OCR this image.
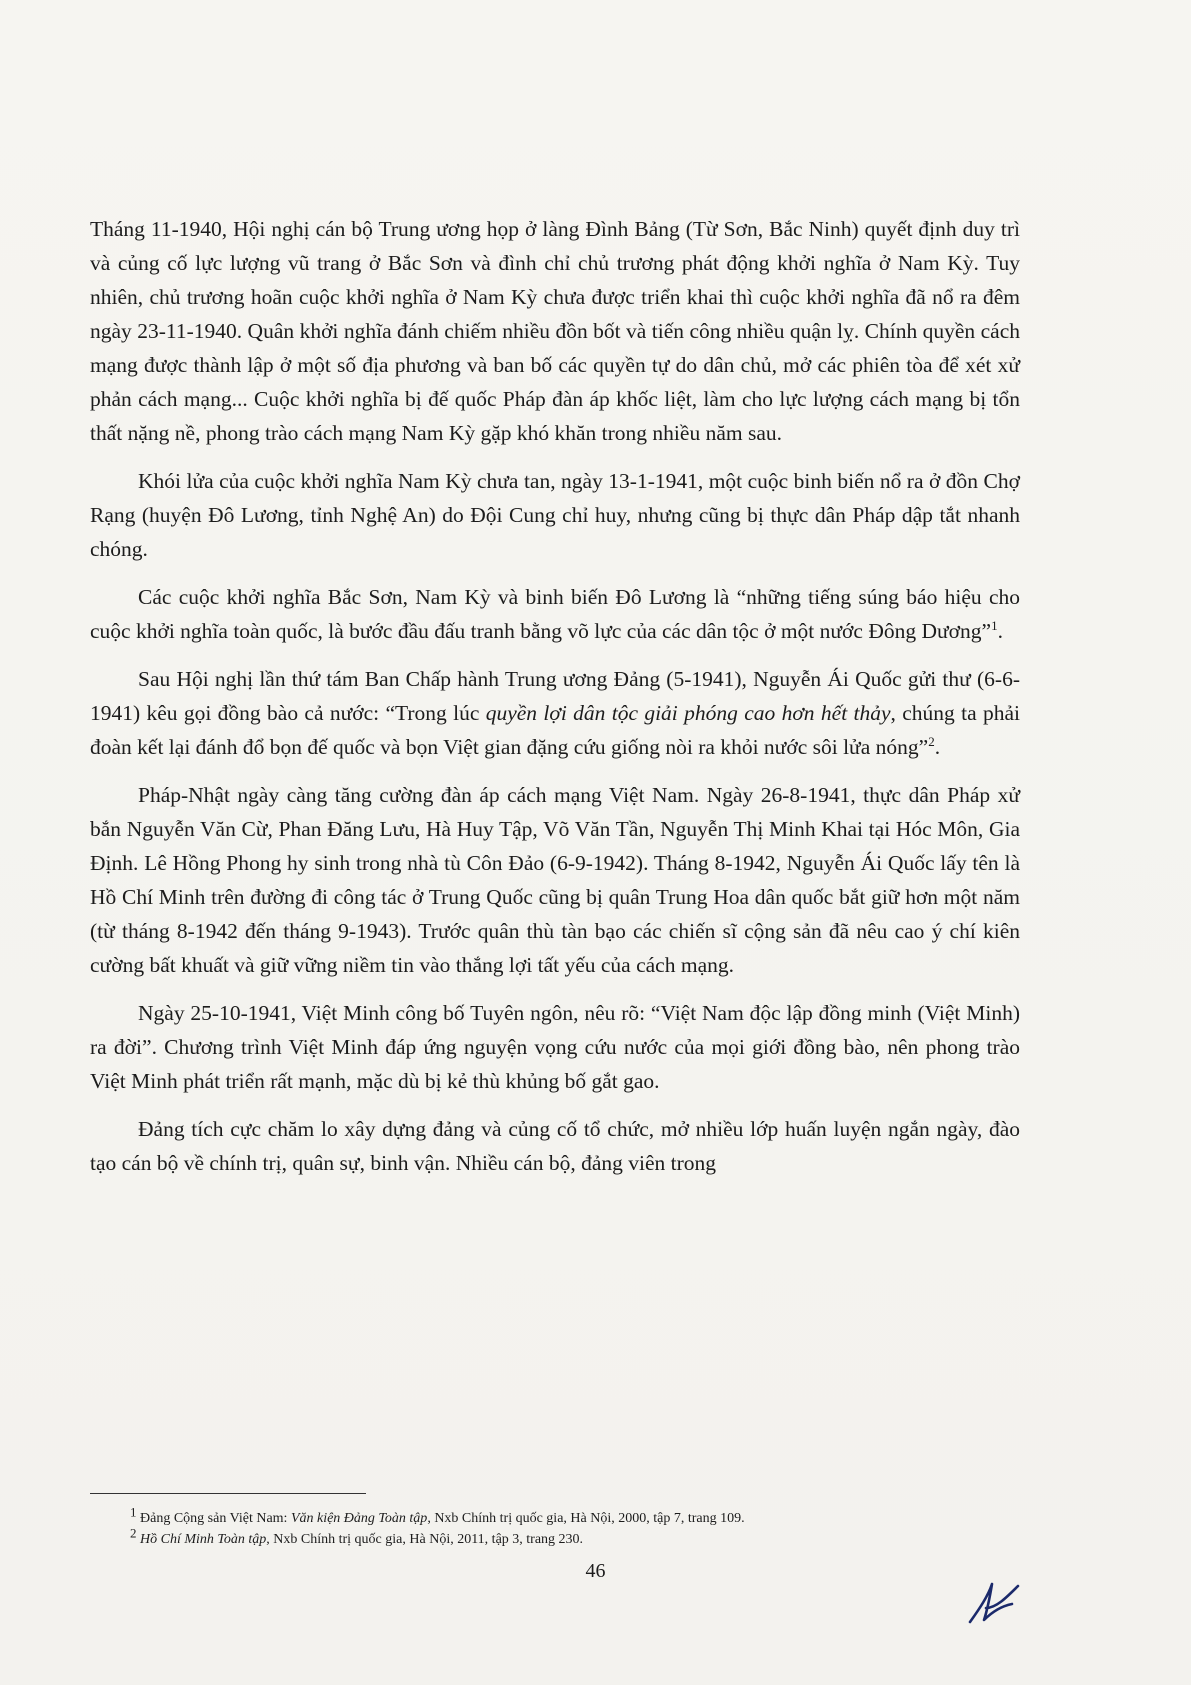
Tháng 11-1940, Hội nghị cán bộ Trung ương họp ở làng Đình Bảng (Từ Sơn, Bắc Ninh) quyết định duy trì và củng cố lực lượng vũ trang ở Bắc Sơn và đình chỉ chủ trương phát động khởi nghĩa ở Nam Kỳ. Tuy nhiên, chủ trương hoãn cuộc khởi nghĩa ở Nam Kỳ chưa được triển khai thì cuộc khởi nghĩa đã nổ ra đêm ngày 23-11-1940. Quân khởi nghĩa đánh chiếm nhiều đồn bốt và tiến công nhiều quận lỵ. Chính quyền cách mạng được thành lập ở một số địa phương và ban bố các quyền tự do dân chủ, mở các phiên tòa để xét xử phản cách mạng... Cuộc khởi nghĩa bị đế quốc Pháp đàn áp khốc liệt, làm cho lực lượng cách mạng bị tổn thất nặng nề, phong trào cách mạng Nam Kỳ gặp khó khăn trong nhiều năm sau.

Khói lửa của cuộc khởi nghĩa Nam Kỳ chưa tan, ngày 13-1-1941, một cuộc binh biến nổ ra ở đồn Chợ Rạng (huyện Đô Lương, tỉnh Nghệ An) do Đội Cung chỉ huy, nhưng cũng bị thực dân Pháp dập tắt nhanh chóng.

Các cuộc khởi nghĩa Bắc Sơn, Nam Kỳ và binh biến Đô Lương là “những tiếng súng báo hiệu cho cuộc khởi nghĩa toàn quốc, là bước đầu đấu tranh bằng võ lực của các dân tộc ở một nước Đông Dương”$^1$.

Sau Hội nghị lần thứ tám Ban Chấp hành Trung ương Đảng (5-1941), Nguyễn Ái Quốc gửi thư (6-6-1941) kêu gọi đồng bào cả nước: “Trong lúc quyền lợi dân tộc giải phóng cao hơn hết thảy, chúng ta phải đoàn kết lại đánh đổ bọn đế quốc và bọn Việt gian đặng cứu giống nòi ra khỏi nước sôi lửa nóng”$^2$.

Pháp-Nhật ngày càng tăng cường đàn áp cách mạng Việt Nam. Ngày 26-8-1941, thực dân Pháp xử bắn Nguyễn Văn Cừ, Phan Đăng Lưu, Hà Huy Tập, Võ Văn Tần, Nguyễn Thị Minh Khai tại Hóc Môn, Gia Định. Lê Hồng Phong hy sinh trong nhà tù Côn Đảo (6-9-1942). Tháng 8-1942, Nguyễn Ái Quốc lấy tên là Hồ Chí Minh trên đường đi công tác ở Trung Quốc cũng bị quân Trung Hoa dân quốc bắt giữ hơn một năm (từ tháng 8-1942 đến tháng 9-1943). Trước quân thù tàn bạo các chiến sĩ cộng sản đã nêu cao ý chí kiên cường bất khuất và giữ vững niềm tin vào thắng lợi tất yếu của cách mạng.

Ngày 25-10-1941, Việt Minh công bố Tuyên ngôn, nêu rõ: “Việt Nam độc lập đồng minh (Việt Minh) ra đời”. Chương trình Việt Minh đáp ứng nguyện vọng cứu nước của mọi giới đồng bào, nên phong trào Việt Minh phát triển rất mạnh, mặc dù bị kẻ thù khủng bố gắt gao.

Đảng tích cực chăm lo xây dựng đảng và củng cố tổ chức, mở nhiều lớp huấn luyện ngắn ngày, đào tạo cán bộ về chính trị, quân sự, binh vận. Nhiều cán bộ, đảng viên trong

$^1$ Đảng Cộng sản Việt Nam: Văn kiện Đảng Toàn tập, Nxb Chính trị quốc gia, Hà Nội, 2000, tập 7, trang 109.
$^2$ Hồ Chí Minh Toàn tập, Nxb Chính trị quốc gia, Hà Nội, 2011, tập 3, trang 230.
46
